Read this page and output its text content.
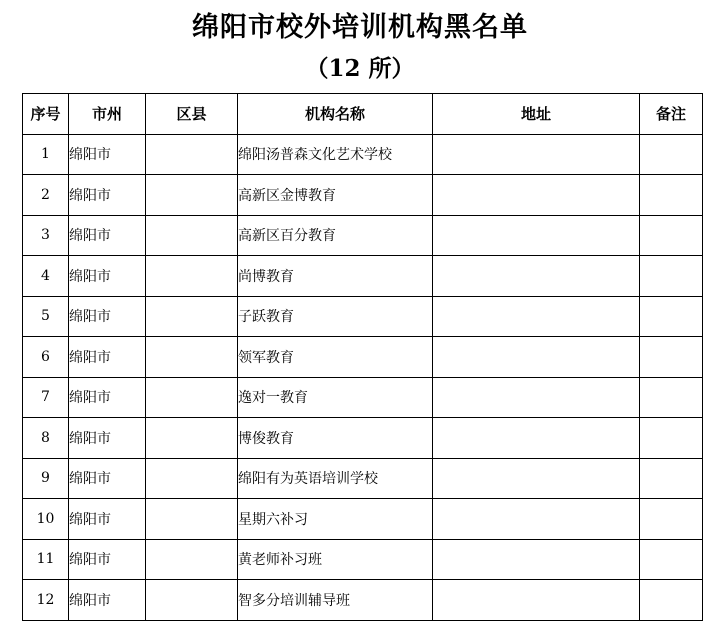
绵阳市校外培训机构黑名单
（12 所）
序号	市州	区县	机构名称	地址	备注
1	绵阳市		绵阳汤普森文化艺术学校		
2	绵阳市		高新区金博教育		
3	绵阳市		高新区百分教育		
4	绵阳市		尚博教育		
5	绵阳市		子跃教育		
6	绵阳市		领军教育		
7	绵阳市		逸对一教育		
8	绵阳市		博俊教育		
9	绵阳市		绵阳有为英语培训学校		
10	绵阳市		星期六补习		
11	绵阳市		黄老师补习班		
12	绵阳市		智多分培训辅导班		
